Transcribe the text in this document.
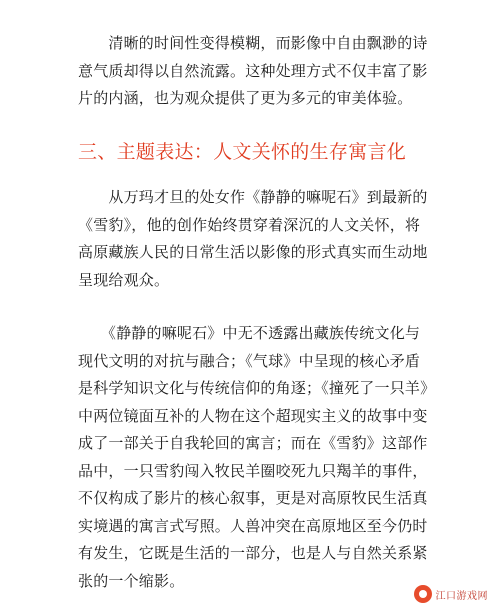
　　清晰的时间性变得模糊，而影像中自由飘渺的诗
意气质却得以自然流露。这种处理方式不仅丰富了影
片的内涵，也为观众提供了更为多元的审美体验。

三、主题表达：人文关怀的生存寓言化

　　从万玛才旦的处女作《静静的嘛呢石》到最新的
《雪豹》，他的创作始终贯穿着深沉的人文关怀，将
高原藏族人民的日常生活以影像的形式真实而生动地
呈现给观众。

　　《静静的嘛呢石》中无不透露出藏族传统文化与
现代文明的对抗与融合；《气球》中呈现的核心矛盾
是科学知识文化与传统信仰的角逐；《撞死了一只羊》
中两位镜面互补的人物在这个超现实主义的故事中变
成了一部关于自我轮回的寓言；而在《雪豹》这部作
品中，一只雪豹闯入牧民羊圈咬死九只羯羊的事件，
不仅构成了影片的核心叙事，更是对高原牧民生活真
实境遇的寓言式写照。人兽冲突在高原地区至今仍时
有发生，它既是生活的一部分，也是人与自然关系紧
张的一个缩影。

江口游戏网
